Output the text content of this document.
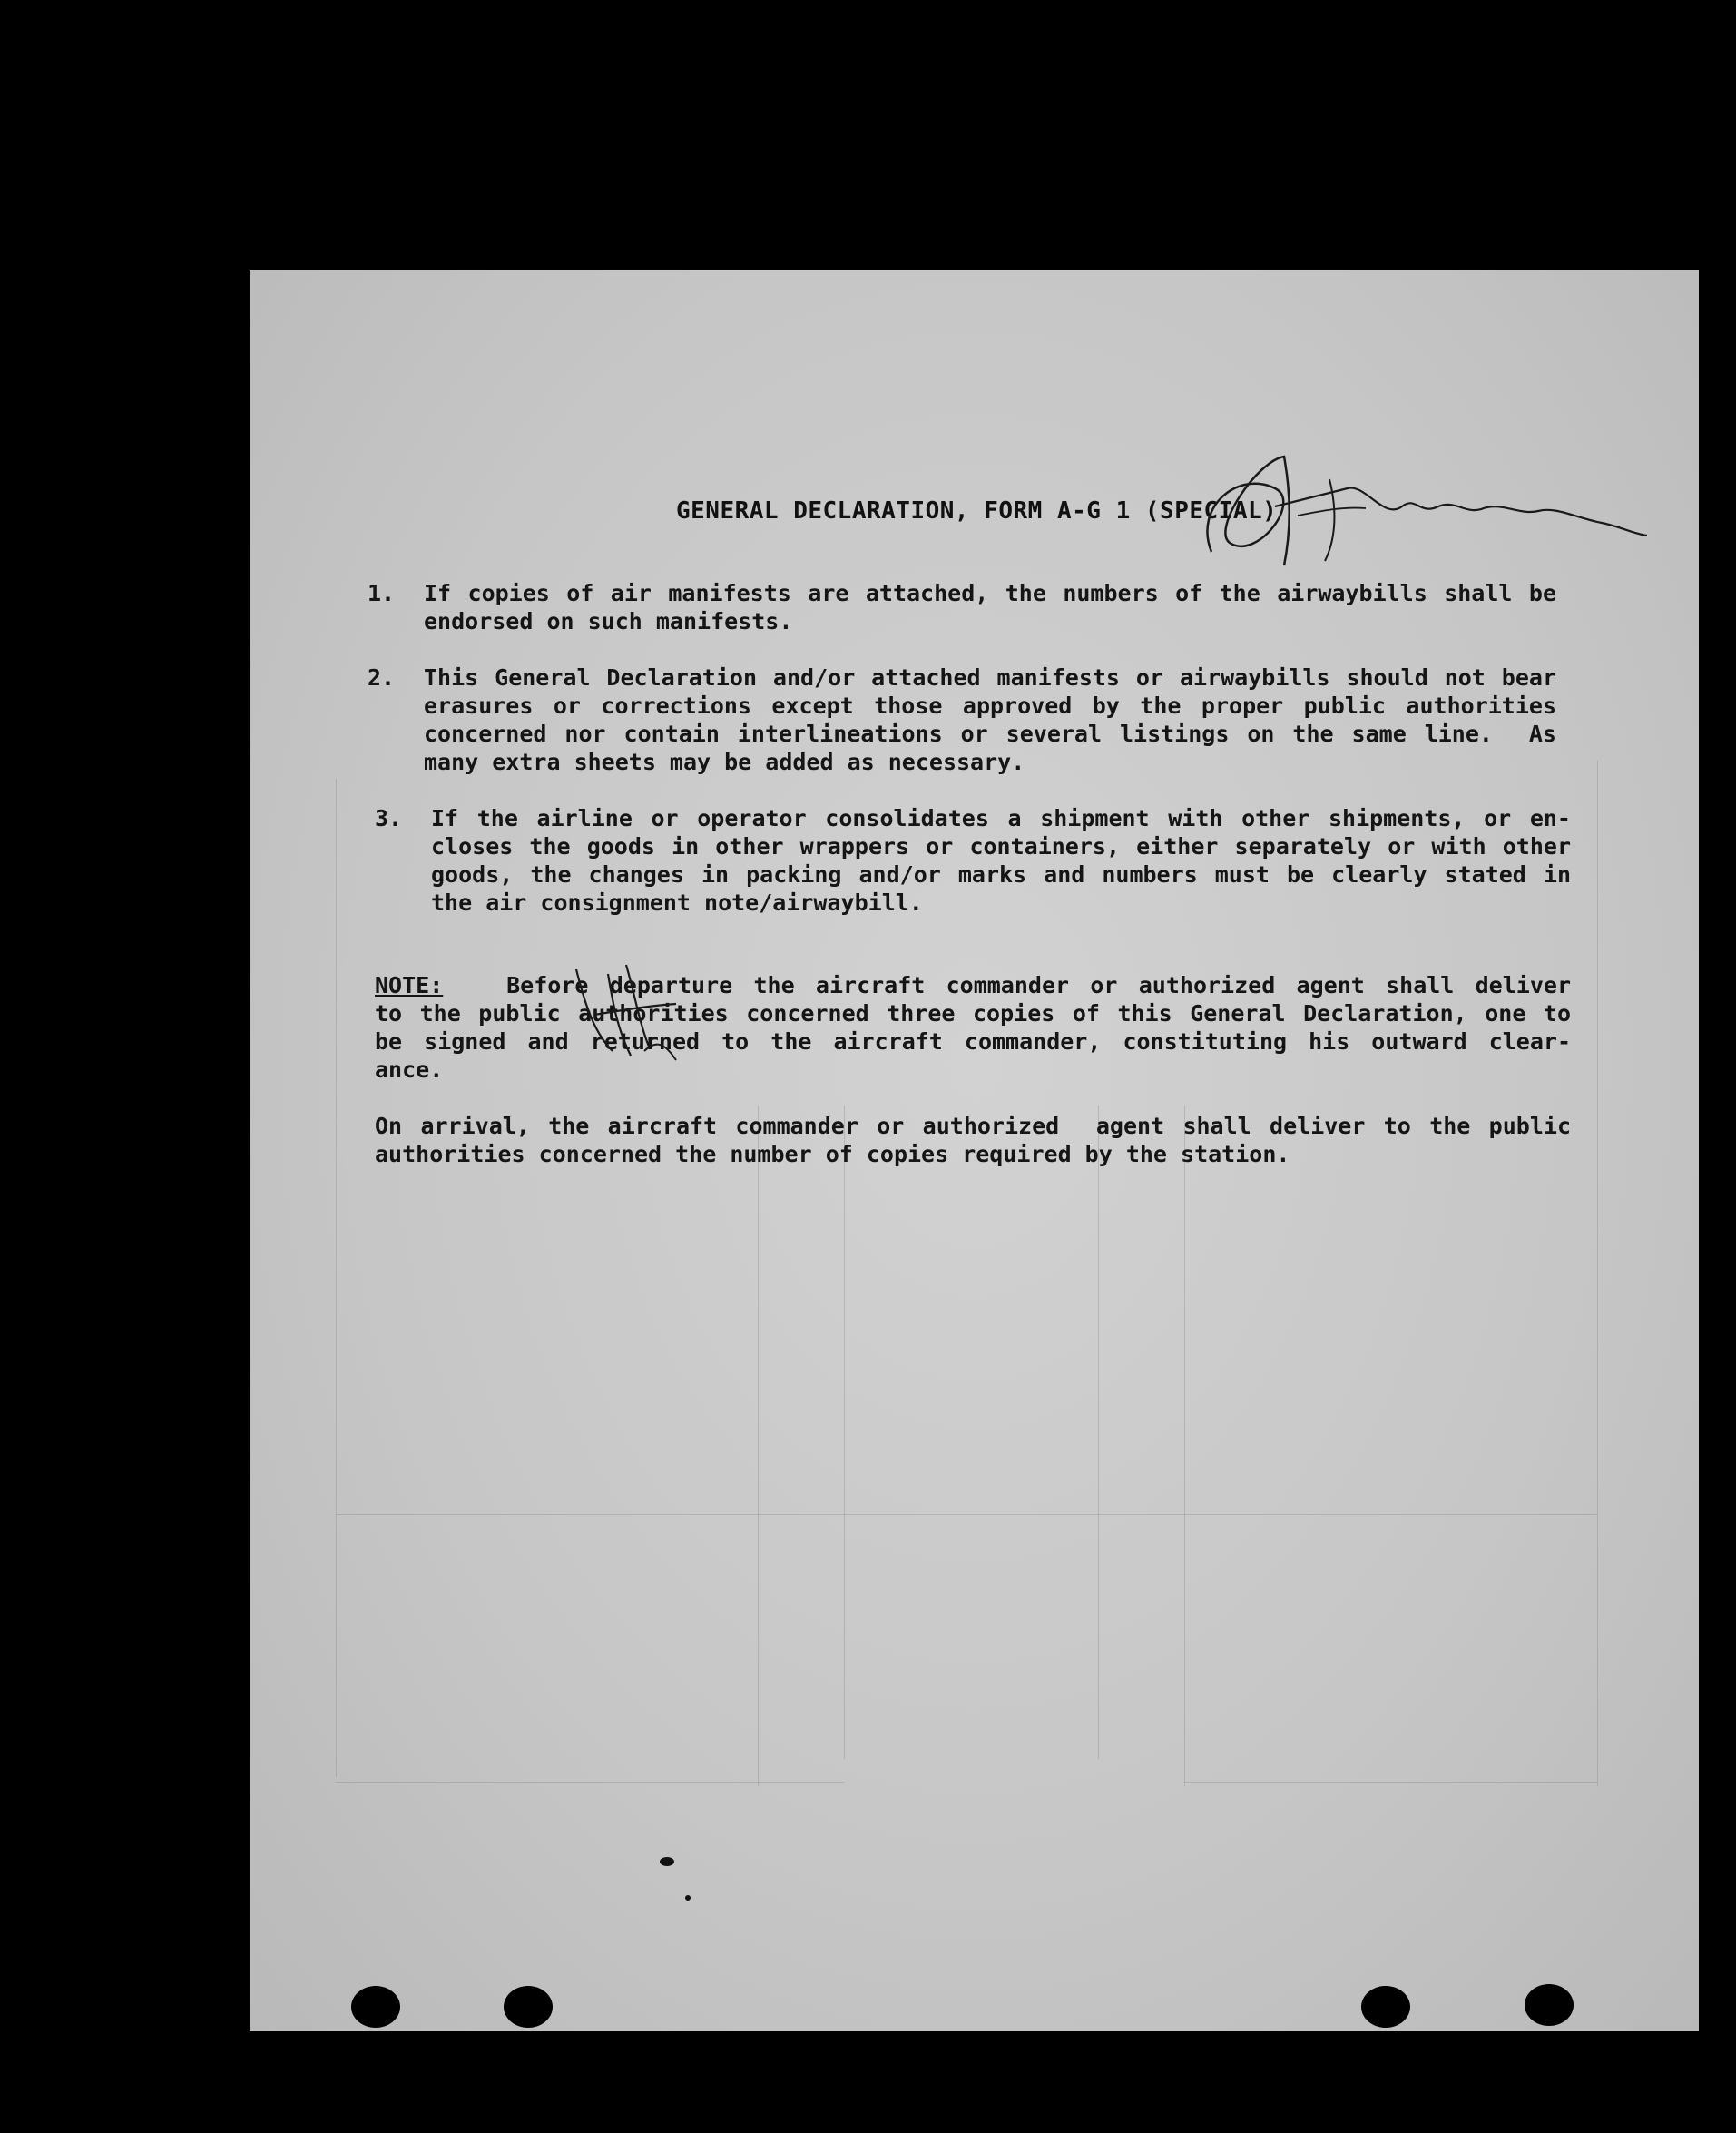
GENERAL DECLARATION, FORM A-G 1 (SPECIAL)
1. If copies of air manifests are attached, the numbers of the airwaybills shall be
endorsed on such manifests.
2. This General Declaration and/or attached manifests or airwaybills should not bear
erasures or corrections except those approved by the proper public authorities
concerned nor contain interlineations or several listings on the same line.  As
many extra sheets may be added as necessary.
3. If the airline or operator consolidates a shipment with other shipments, or en-
closes the goods in other wrappers or containers, either separately or with other
goods, the changes in packing and/or marks and numbers must be clearly stated in
the air consignment note/airwaybill.
NOTE:   Before departure the aircraft commander or authorized agent shall deliver
to the public authorities concerned three copies of this General Declaration, one to
be signed and returned to the aircraft commander, constituting his outward clear-
ance.
On arrival, the aircraft commander or authorized  agent shall deliver to the public
authorities concerned the number of copies required by the station.
